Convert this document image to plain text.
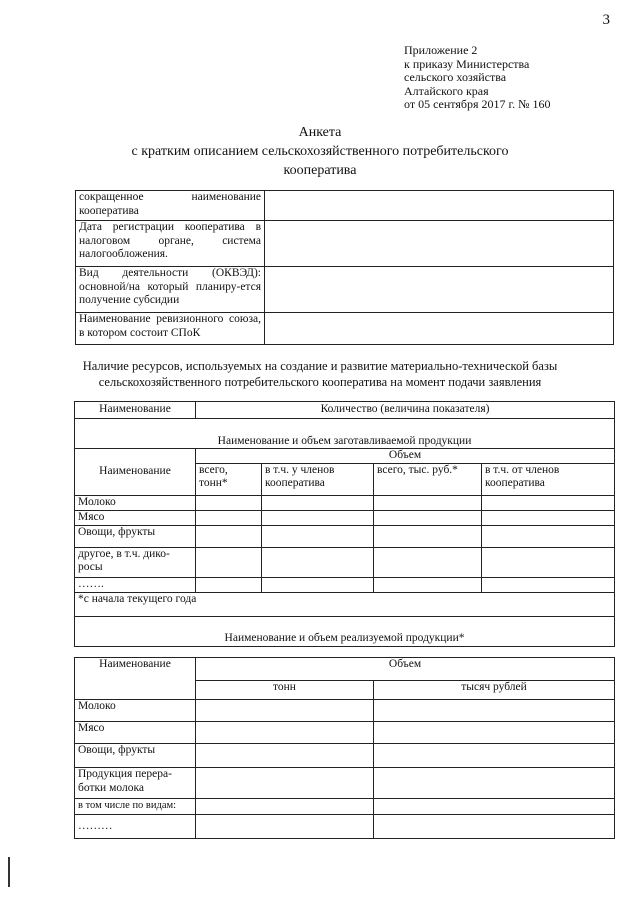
3
Приложение 2
к приказу Министерства
сельского хозяйства
Алтайского края
от 05 сентября 2017 г. № 160
Анкета
с кратким описанием сельскохозяйственного потребительского
кооператива
сокращенное наименование кооператива	
Дата регистрации кооператива в налоговом органе, система налогообложения.	
Вид деятельности (ОКВЭД): основной/на который планиру-ется получение субсидии	
Наименование ревизионного союза, в котором состоит СПоК	
Наличие ресурсов, используемых на создание и развитие материально-технической базы
сельскохозяйственного потребительского кооператива на момент подачи заявления
Наименование	Количество (величина показателя)			
Наименование и объем заготавливаемой продукции				
Наименование	Объем			
	всего, тонн*	в т.ч. у членов кооператива	всего, тыс. руб.*	в т.ч. от членов кооператива
Молоко				
Мясо				
Овощи, фрукты				
другое, в т.ч. дико-росы				
…….				
*с начала текущего года				
Наименование и объем реализуемой продукции*				
Наименование	Объем	
	тонн	тысяч рублей
Молоко		
Мясо		
Овощи, фрукты		
Продукция перера-ботки молока		
в том числе по видам:		
………		
